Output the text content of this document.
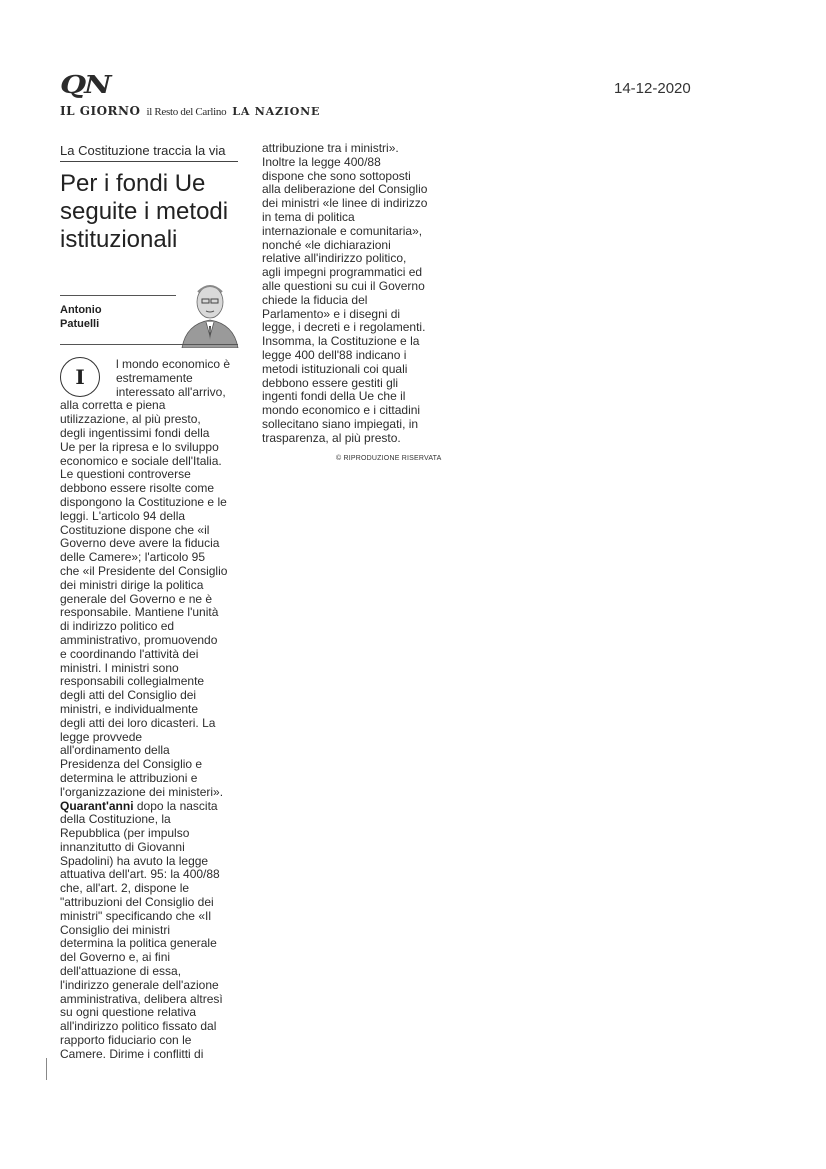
QN
IL GIORNO il Resto del Carlino LA NAZIONE
14-12-2020
La Costituzione traccia la via
Per i fondi Ue
seguite i metodi
istituzionali
Antonio
Patuelli
I
l mondo economico è
estremamente
interessato all'arrivo,
alla corretta e piena
utilizzazione, al più presto,
degli ingentissimi fondi della
Ue per la ripresa e lo sviluppo
economico e sociale dell'Italia.
Le questioni controverse
debbono essere risolte come
dispongono la Costituzione e le
leggi. L'articolo 94 della
Costituzione dispone che «il
Governo deve avere la fiducia
delle Camere»; l'articolo 95
che «il Presidente del Consiglio
dei ministri dirige la politica
generale del Governo e ne è
responsabile. Mantiene l'unità
di indirizzo politico ed
amministrativo, promuovendo
e coordinando l'attività dei
ministri. I ministri sono
responsabili collegialmente
degli atti del Consiglio dei
ministri, e individualmente
degli atti dei loro dicasteri. La
legge provvede
all'ordinamento della
Presidenza del Consiglio e
determina le attribuzioni e
l'organizzazione dei ministeri».
Quarant'anni dopo la nascita
della Costituzione, la
Repubblica (per impulso
innanzitutto di Giovanni
Spadolini) ha avuto la legge
attuativa dell'art. 95: la 400/88
che, all'art. 2, dispone le
"attribuzioni del Consiglio dei
ministri" specificando che «Il
Consiglio dei ministri
determina la politica generale
del Governo e, ai fini
dell'attuazione di essa,
l'indirizzo generale dell'azione
amministrativa, delibera altresì
su ogni questione relativa
all'indirizzo politico fissato dal
rapporto fiduciario con le
Camere. Dirime i conflitti di
attribuzione tra i ministri».
Inoltre la legge 400/88
dispone che sono sottoposti
alla deliberazione del Consiglio
dei ministri «le linee di indirizzo
in tema di politica
internazionale e comunitaria»,
nonché «le dichiarazioni
relative all'indirizzo politico,
agli impegni programmatici ed
alle questioni su cui il Governo
chiede la fiducia del
Parlamento» e i disegni di
legge, i decreti e i regolamenti.
Insomma, la Costituzione e la
legge 400 dell'88 indicano i
metodi istituzionali coi quali
debbono essere gestiti gli
ingenti fondi della Ue che il
mondo economico e i cittadini
sollecitano siano impiegati, in
trasparenza, al più presto.
© RIPRODUZIONE RISERVATA
